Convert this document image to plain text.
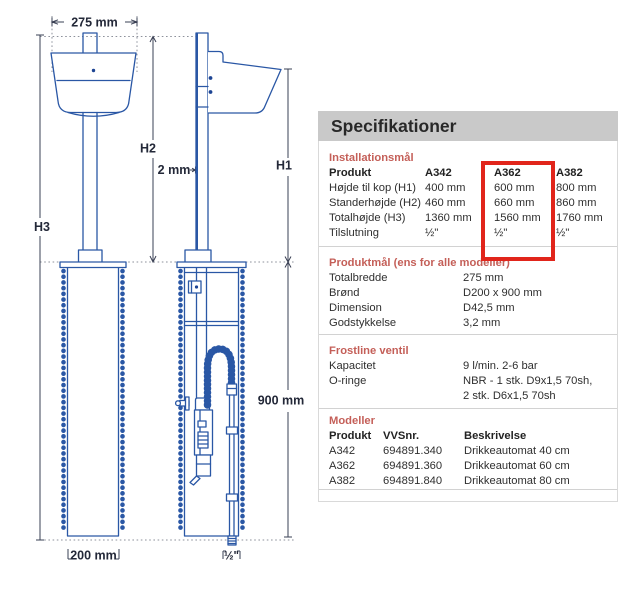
275 mm
H3
H2
2 mm	H1
900 mm
200 mm	½"
Specifikationer
Installationsmål
Produkt	A342	A362	A382
Højde til kop (H1) 400 mm	600 mm	800 mm
Standerhøjde (H2) 460 mm	660 mm	860 mm
Totalhøjde (H3)	1360 mm	1560 mm	1760 mm
Tilslutning	½"	½"	½"
Produktmål (ens for alle modeller)
Totalbredde	275 mm
Brønd	D200 x 900 mm
Dimension	D42,5 mm
Godstykkelse	3,2 mm
Frostline ventil
Kapacitet	9 l/min. 2-6 bar
O-ringe	NBR - 1 stk. D9x1,5 70sh,
2 stk. D6x1,5 70sh
Modeller
Produkt	VVSnr.	Beskrivelse
A342	694891.340	Drikkeautomat 40 cm
A362	694891.360	Drikkeautomat 60 cm
A382	694891.840	Drikkeautomat 80 cm
